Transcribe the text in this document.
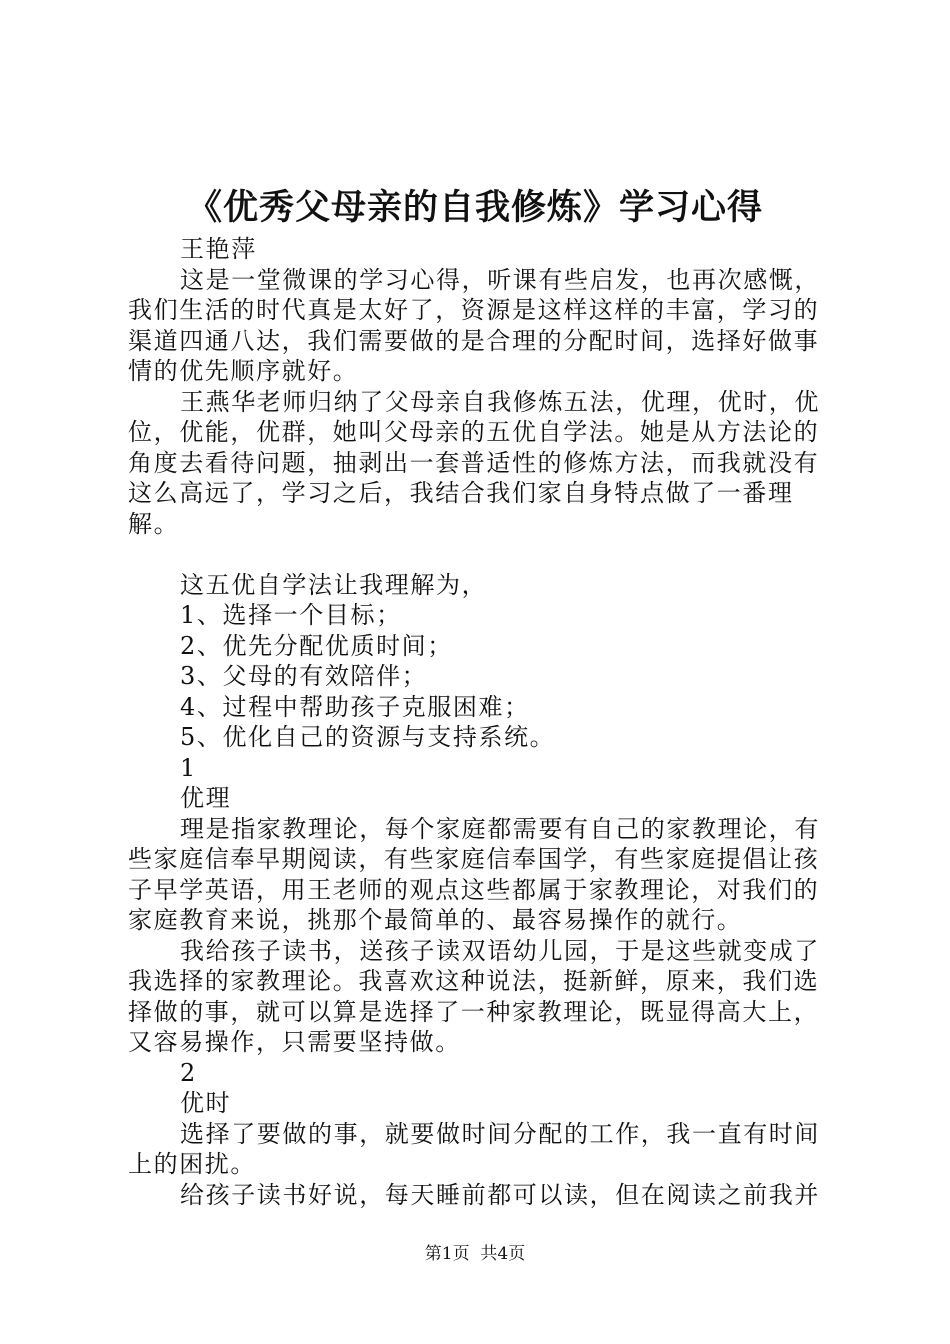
《优秀父母亲的自我修炼》学习心得

王艳萍

这是一堂微课的学习心得，听课有些启发，也再次感慨，我们生活的时代真是太好了，资源是这样这样的丰富，学习的渠道四通八达，我们需要做的是合理的分配时间，选择好做事情的优先顺序就好。

王燕华老师归纳了父母亲自我修炼五法，优理，优时，优位，优能，优群，她叫父母亲的五优自学法。她是从方法论的角度去看待问题，抽剥出一套普适性的修炼方法，而我就没有这么高远了，学习之后，我结合我们家自身特点做了一番理解。

这五优自学法让我理解为，

1、选择一个目标；

2、优先分配优质时间；

3、父母的有效陪伴；

4、过程中帮助孩子克服困难；

5、优化自己的资源与支持系统。

1

优理

理是指家教理论，每个家庭都需要有自己的家教理论，有些家庭信奉早期阅读，有些家庭信奉国学，有些家庭提倡让孩子早学英语，用王老师的观点这些都属于家教理论，对我们的家庭教育来说，挑那个最简单的、最容易操作的就行。

我给孩子读书，送孩子读双语幼儿园，于是这些就变成了我选择的家教理论。我喜欢这种说法，挺新鲜，原来，我们选择做的事，就可以算是选择了一种家教理论，既显得高大上，又容易操作，只需要坚持做。

2

优时

选择了要做的事，就要做时间分配的工作，我一直有时间上的困扰。

给孩子读书好说，每天睡前都可以读，但在阅读之前我并

第1页 共4页
